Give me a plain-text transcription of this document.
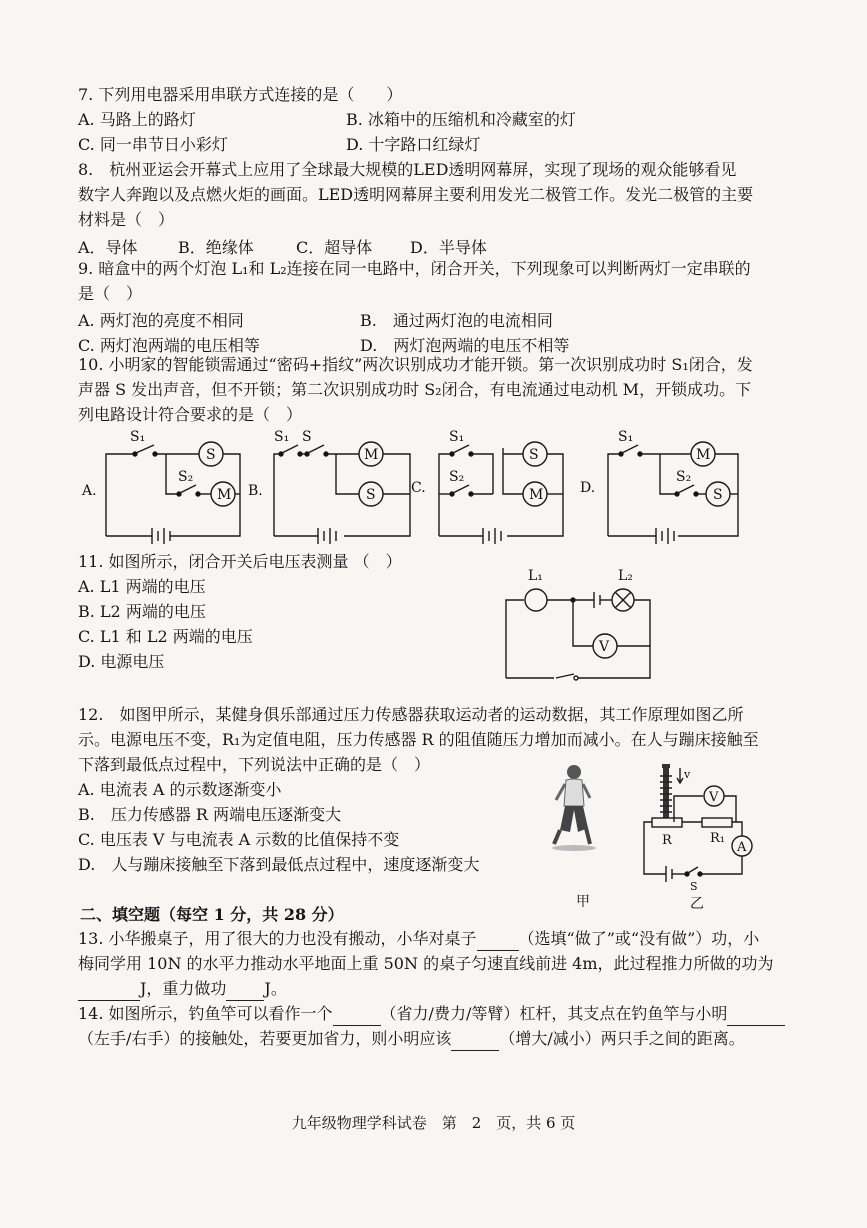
7. 下列用电器采用串联方式连接的是（　　）
A. 马路上的路灯	B. 冰箱中的压缩机和冷藏室的灯
C. 同一串节日小彩灯	D. 十字路口红绿灯
8.　杭州亚运会开幕式上应用了全球最大规模的LED透明网幕屏，实现了现场的观众能够看见
数字人奔跑以及点燃火炬的画面。LED透明网幕屏主要利用发光二极管工作。发光二极管的主要
材料是（　）
A．导体	B．绝缘体	C．超导体	D．半导体
9. 暗盒中的两个灯泡 L₁和 L₂连接在同一电路中，闭合开关，下列现象可以判断两灯一定串联的
是（　）
A. 两灯泡的亮度不相同	B.　通过两灯泡的电流相同
C. 两灯泡两端的电压相等	D.　两灯泡两端的电压不相等
10. 小明家的智能锁需通过“密码+指纹”两次识别成功才能开锁。第一次识别成功时 S₁闭合，发
声器 S 发出声音，但不开锁；第二次识别成功时 S₂闭合，有电流通过电动机 M，开锁成功。下
列电路设计符合要求的是（　）
A.
S
M
S₁
S₂
B.
M
S
S₁ S
C.
S
M
S₁
S₂
D.
M
S
S₁
S₂
11. 如图所示，闭合开关后电压表测量 （　）
A. L1 两端的电压
B. L2 两端的电压
C. L1 和 L2 两端的电压
D. 电源电压
L₁	L₂
V
12.　如图甲所示，某健身俱乐部通过压力传感器获取运动者的运动数据，其工作原理如图乙所
示。电源电压不变，R₁为定值电阻，压力传感器 R 的阻值随压力增加而减小。在人与蹦床接触至
下落到最低点过程中，下列说法中正确的是（　）
A. 电流表 A 的示数逐渐变小
B.　压力传感器 R 两端电压逐渐变大
C. 电压表 V 与电流表 A 示数的比值保持不变
D.　人与蹦床接触至下落到最低点过程中，速度逐渐变大
甲
v
V
A
R	R₁
S
乙
二、填空题（每空 1 分，共 28 分）
13. 小华搬桌子，用了很大的力也没有搬动，小华对桌子	（选填“做了”或“没有做”）功，小
梅同学用 10N 的水平力推动水平地面上重 50N 的桌子匀速直线前进 4m，此过程推力所做的功为
J，重力做功 J。
14. 如图所示，钓鱼竿可以看作一个	（省力/费力/等臂）杠杆，其支点在钓鱼竿与小明
（左手/右手）的接触处，若要更加省力，则小明应该	（增大/减小）两只手之间的距离。
九年级物理学科试卷　第　2　页，共 6 页
